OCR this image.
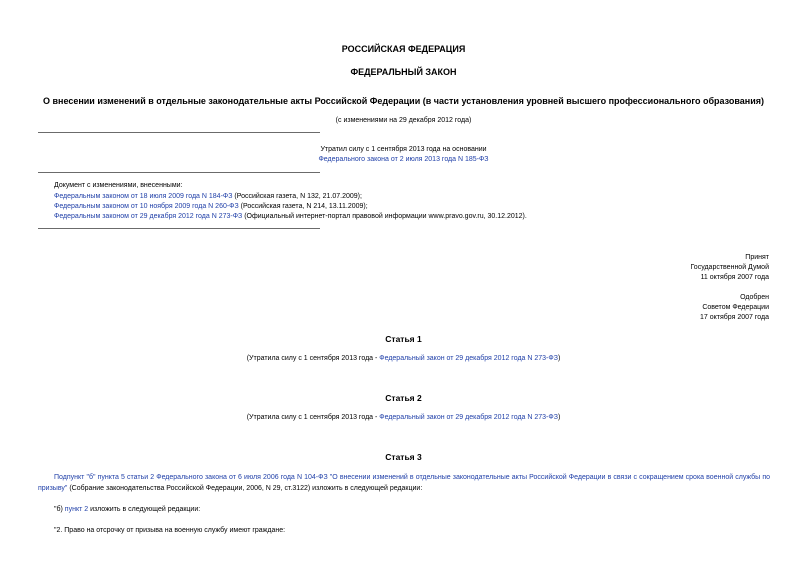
РОССИЙСКАЯ ФЕДЕРАЦИЯ
ФЕДЕРАЛЬНЫЙ ЗАКОН
О внесении изменений в отдельные законодательные акты Российской Федерации (в части установления уровней высшего профессионального образования)
(с изменениями на 29 декабря 2012 года)
Утратил силу с 1 сентября 2013 года на основании
Федерального закона от 2 июля 2013 года N 185-ФЗ
Документ с изменениями, внесенными:
Федеральным законом от 18 июля 2009 года N 184-ФЗ (Российская газета, N 132, 21.07.2009);
Федеральным законом от 10 ноября 2009 года N 260-ФЗ (Российская газета, N 214, 13.11.2009);
Федеральным законом от 29 декабря 2012 года N 273-ФЗ (Официальный интернет-портал правовой информации www.pravo.gov.ru, 30.12.2012).
Принят
Государственной Думой
11 октября 2007 года
Одобрен
Советом Федерации
17 октября 2007 года
Статья 1
(Утратила силу с 1 сентября 2013 года - Федеральный закон от 29 декабря 2012 года N 273-ФЗ)
Статья 2
(Утратила силу с 1 сентября 2013 года - Федеральный закон от 29 декабря 2012 года N 273-ФЗ)
Статья 3
Подпункт "б" пункта 5 статьи 2 Федерального закона от 6 июля 2006 года N 104-ФЗ "О внесении изменений в отдельные законодательные акты Российской Федерации в связи с сокращением срока военной службы по призыву" (Собрание законодательства Российской Федерации, 2006, N 29, ст.3122) изложить в следующей редакции:
"б) пункт 2 изложить в следующей редакции:
"2. Право на отсрочку от призыва на военную службу имеют граждане:
